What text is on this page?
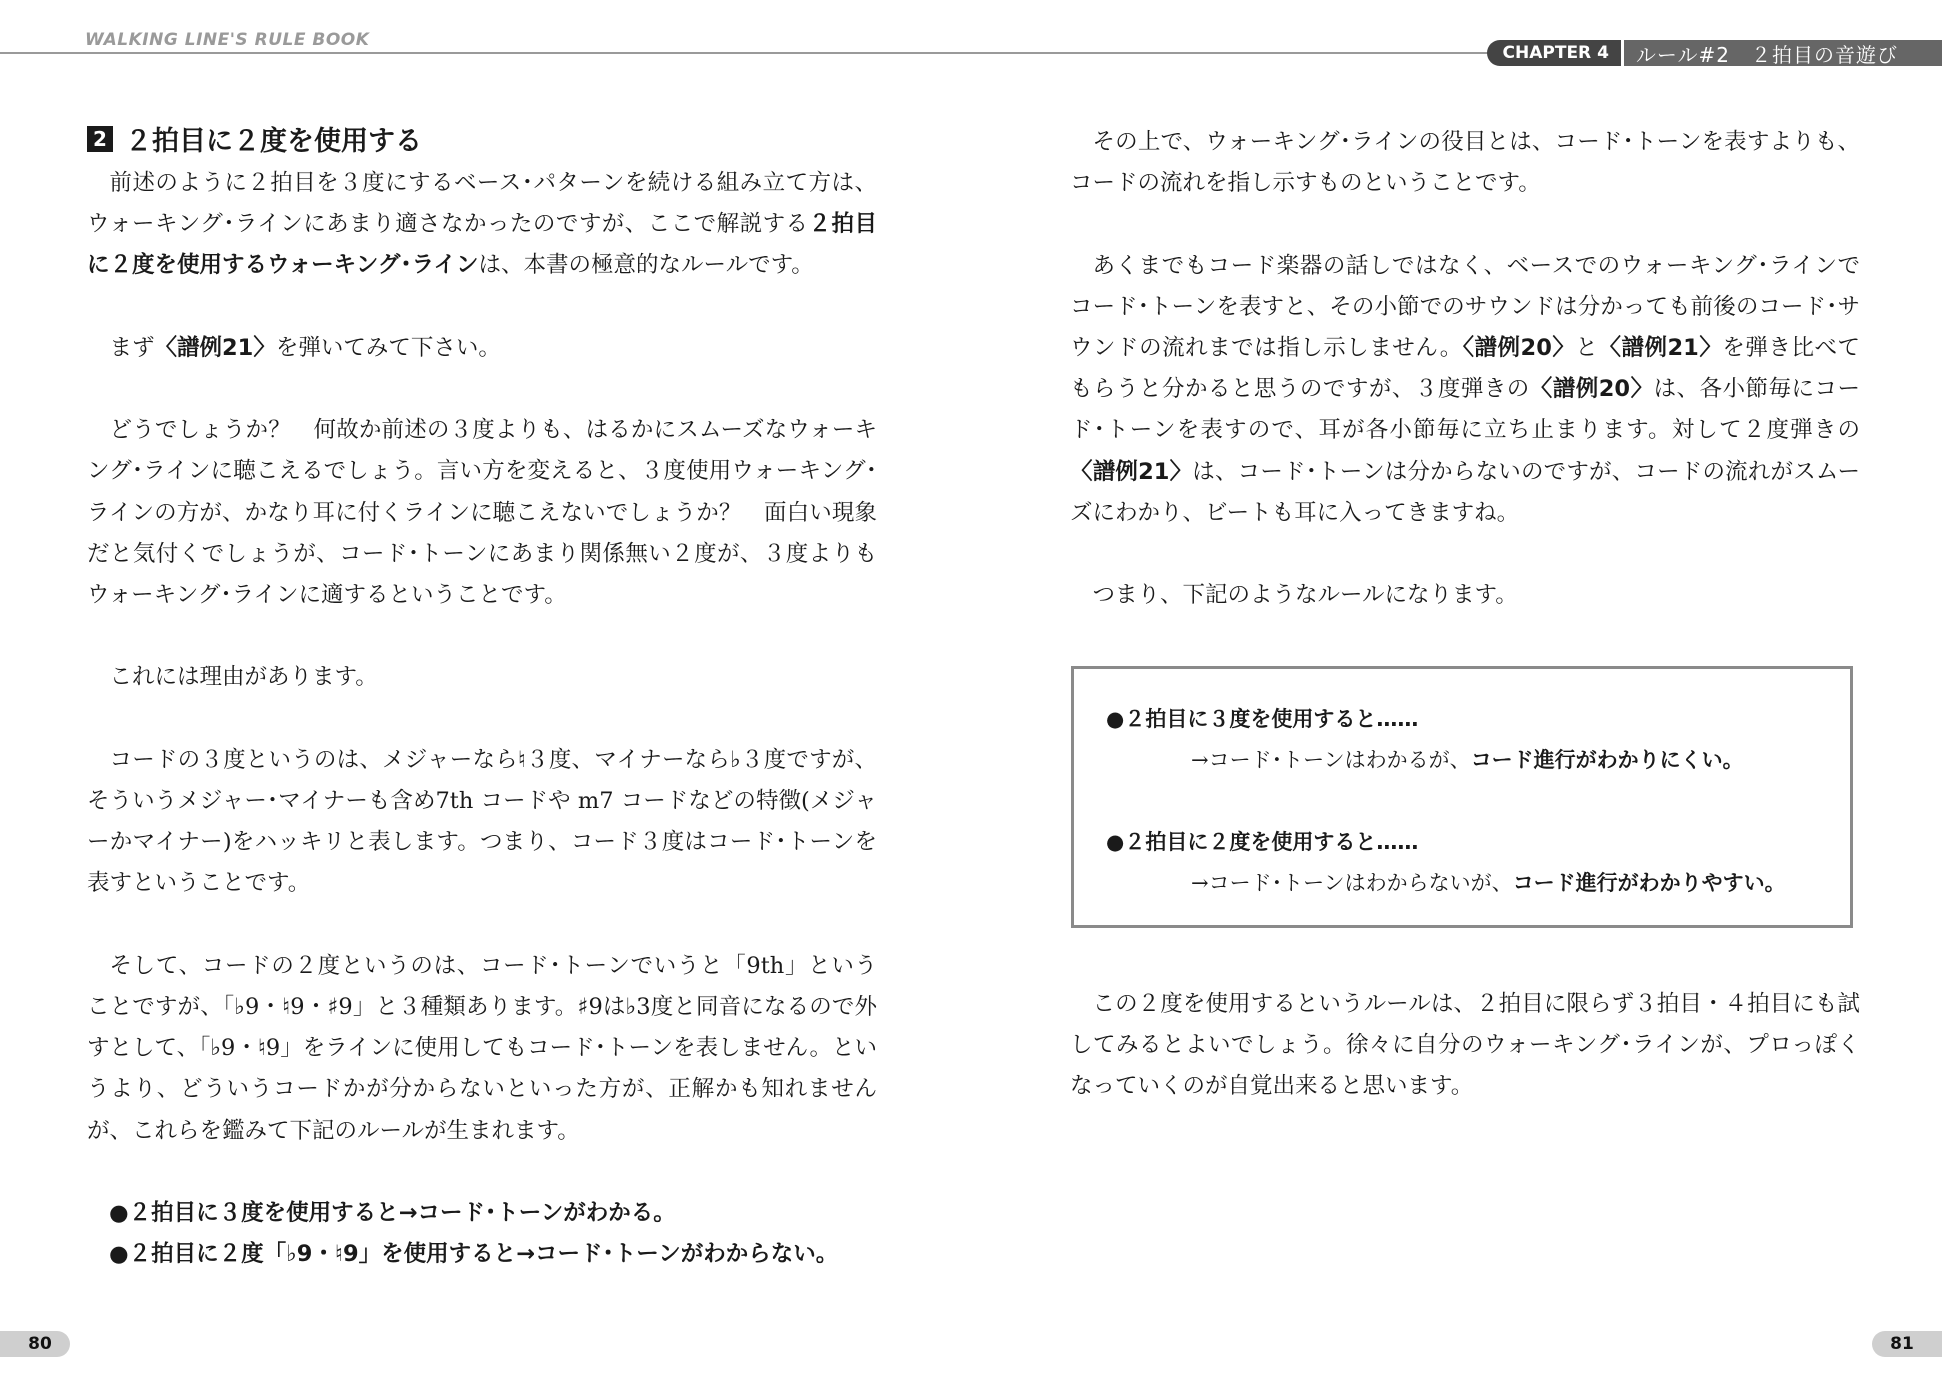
WALKING LINE'S RULE BOOK
CHAPTER 4	ルール#2　２拍目の音遊び
2 ２拍目に２度を使用する

前述のように２拍目を３度にするベース･パターンを続ける組み立て方は、ウォーキング･ラインにあまり適さなかったのですが、ここで解説する２拍目に２度を使用するウォーキング･ラインは、本書の極意的なルールです。

まず〈譜例21〉を弾いてみて下さい。

どうでしょうか？　何故か前述の３度よりも、はるかにスムーズなウォーキング･ラインに聴こえるでしょう。言い方を変えると、３度使用ウォーキング･ラインの方が、かなり耳に付くラインに聴こえないでしょうか？　面白い現象だと気付くでしょうが、コード･トーンにあまり関係無い２度が、３度よりもウォーキング･ラインに適するということです。

これには理由があります。

コードの３度というのは、メジャーなら♮３度、マイナーなら♭３度ですが、そういうメジャー･マイナーも含め7th コードや m7 コードなどの特徴(メジャーかマイナー)をハッキリと表します。つまり、コード３度はコード･トーンを表すということです。

そして、コードの２度というのは、コード･トーンでいうと「9th」ということですが、「♭9・♮9・♯9」と３種類あります。♯9は♭3度と同音になるので外すとして、「♭9・♮9」をラインに使用してもコード･トーンを表しません。というより、どういうコードかが分からないといった方が、正解かも知れませんが、これらを鑑みて下記のルールが生まれます。

●２拍目に３度を使用すると→コード･トーンがわかる。

●２拍目に２度「♭9・♮9」を使用すると→コード･トーンがわからない。

80

その上で、ウォーキング･ラインの役目とは、コード･トーンを表すよりも、コードの流れを指し示すものということです。

あくまでもコード楽器の話しではなく、ベースでのウォーキング･ラインでコード･トーンを表すと、その小節でのサウンドは分かっても前後のコード･サウンドの流れまでは指し示しません。〈譜例20〉と〈譜例21〉を弾き比べてもらうと分かると思うのですが、３度弾きの〈譜例20〉は、各小節毎にコード･トーンを表すので、耳が各小節毎に立ち止まります。対して２度弾きの〈譜例21〉は、コード･トーンは分からないのですが、コードの流れがスムーズにわかり、ビートも耳に入ってきますね。

つまり、下記のようなルールになります。

●２拍目に３度を使用すると……
→コード･トーンはわかるが、コード進行がわかりにくい。
●２拍目に２度を使用すると……
→コード･トーンはわからないが、コード進行がわかりやすい。

この２度を使用するというルールは、２拍目に限らず３拍目・４拍目にも試してみるとよいでしょう。徐々に自分のウォーキング･ラインが、プロっぽくなっていくのが自覚出来ると思います。

81
